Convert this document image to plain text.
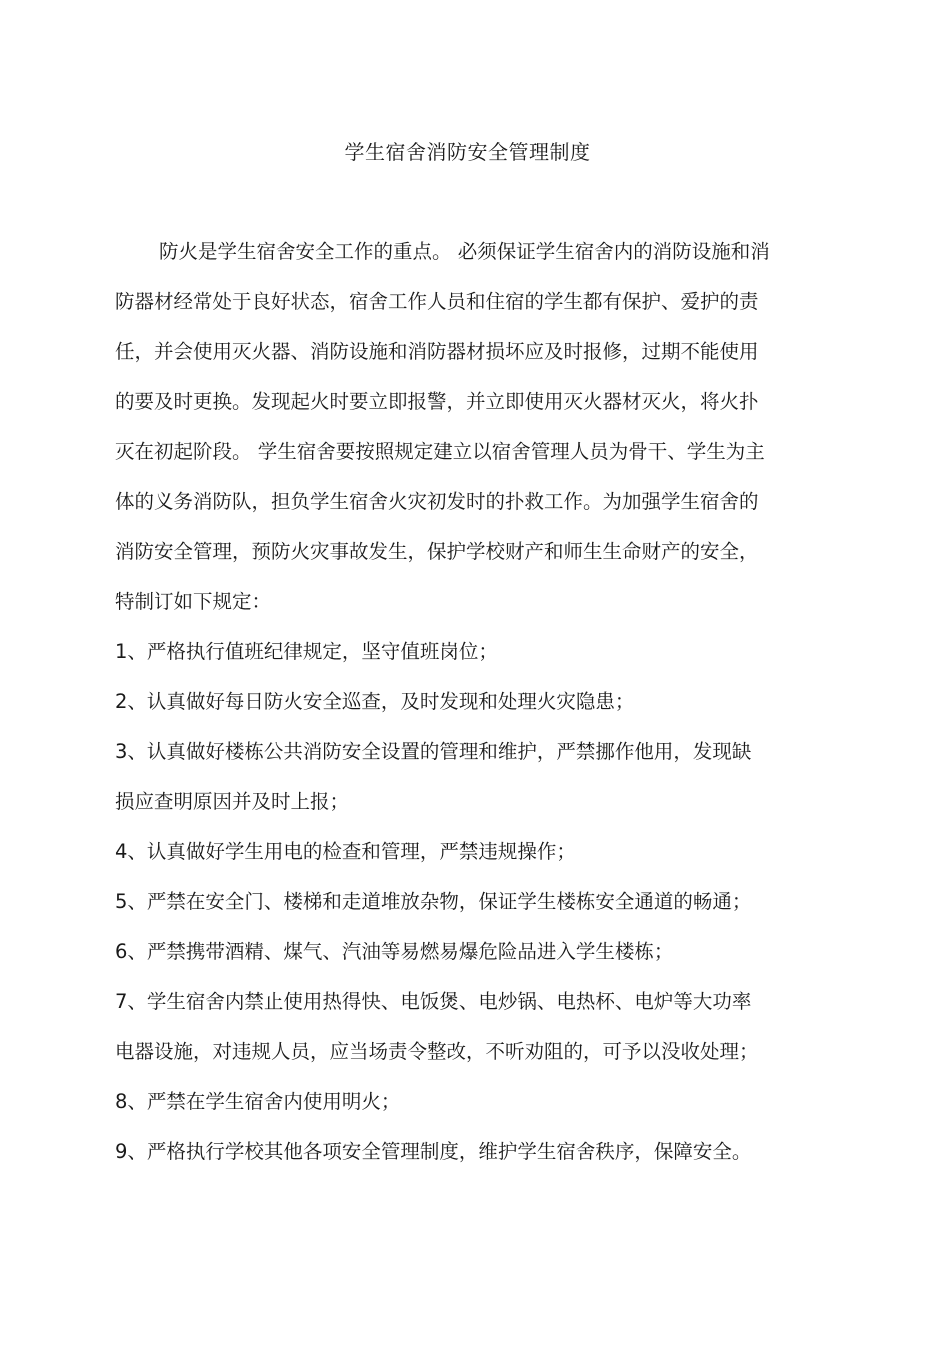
学生宿舍消防安全管理制度
防火是学生宿舍安全工作的重点。 必须保证学生宿舍内的消防设施和消
防器材经常处于良好状态，宿舍工作人员和住宿的学生都有保护、爱护的责
任，并会使用灭火器、消防设施和消防器材损坏应及时报修，过期不能使用
的要及时更换。发现起火时要立即报警，并立即使用灭火器材灭火，将火扑
灭在初起阶段。 学生宿舍要按照规定建立以宿舍管理人员为骨干、学生为主
体的义务消防队，担负学生宿舍火灾初发时的扑救工作。为加强学生宿舍的
消防安全管理，预防火灾事故发生，保护学校财产和师生生命财产的安全，
特制订如下规定：
1、严格执行值班纪律规定，坚守值班岗位；
2、认真做好每日防火安全巡查，及时发现和处理火灾隐患；
3、认真做好楼栋公共消防安全设置的管理和维护，严禁挪作他用，发现缺
损应查明原因并及时上报；
4、认真做好学生用电的检查和管理，严禁违规操作；
5、严禁在安全门、楼梯和走道堆放杂物，保证学生楼栋安全通道的畅通；
6、严禁携带酒精、煤气、汽油等易燃易爆危险品进入学生楼栋；
7、学生宿舍内禁止使用热得快、电饭煲、电炒锅、电热杯、电炉等大功率
电器设施，对违规人员，应当场责令整改，不听劝阻的，可予以没收处理；
8、严禁在学生宿舍内使用明火；
9、严格执行学校其他各项安全管理制度，维护学生宿舍秩序，保障安全。
